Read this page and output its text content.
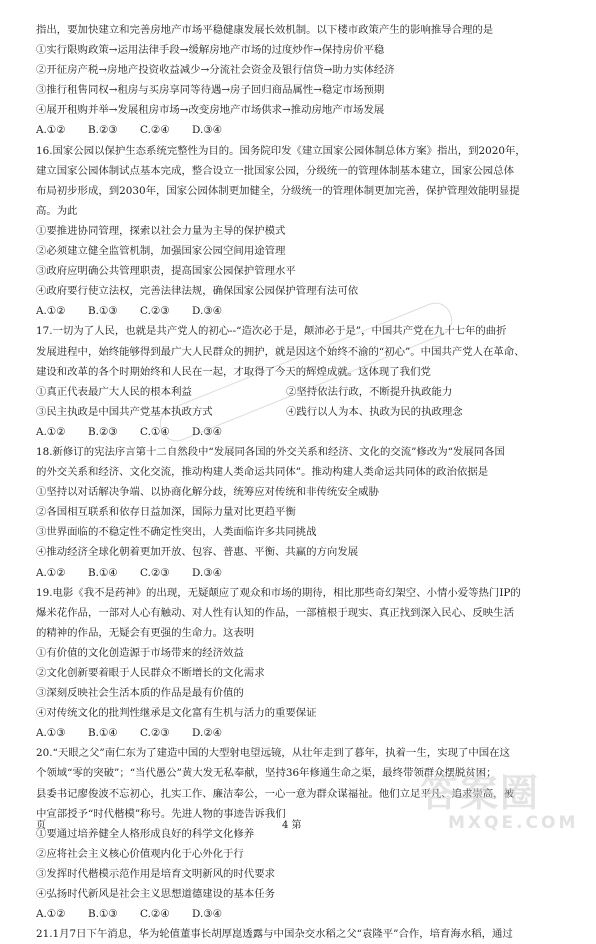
指出，要加快建立和完善房地产市场平稳健康发展长效机制。以下楼市政策产生的影响推导合理的是
①实行限购政策→运用法律手段→缓解房地产市场的过度炒作→保持房价平稳
②开征房产税→房地产投资收益减少→分流社会资金及银行信贷→助力实体经济
③推行租售同权→租房与买房享同等待遇→房子回归商品属性→稳定市场预期
④展开租购并举→发展租房市场→改变房地产市场供求→推动房地产市场发展
A.①②	B.②③	C.②④	D.③④
16.国家公园以保护生态系统完整性为目的。国务院印发《建立国家公园体制总体方案》指出，到2020年，
建立国家公园体制试点基本完成，整合设立一批国家公园，分级统一的管理体制基本建立，国家公园总体
布局初步形成，到2030年，国家公园体制更加健全，分级统一的管理体制更加完善，保护管理效能明显提
高。为此
①要推进协同管理，探索以社会力量为主导的保护模式
②必须建立健全监管机制，加强国家公园空间用途管理
③政府应明确公共管理职责，提高国家公园保护管理水平
④政府要行使立法权，完善法律法规，确保国家公园保护管理有法可依
A.①②	B.①③	C.②③	D.③④
17.一切为了人民，也就是共产党人的初心--“造次必于是，颠沛必于是”，中国共产党在九十七年的曲折
发展进程中，始终能够得到最广大人民群众的拥护，就是因这个始终不渝的“初心”。中国共产党人在革命、
建设和改革的各个时期始终和人民在一起，才取得了今天的辉煌成就。这体现了我们党
①真正代表最广大人民的根本利益	②坚持依法行政，不断提升执政能力
③民主执政是中国共产党基本执政方式	④践行以人为本、执政为民的执政理念
A.①②	B.②③	C.①④	D.③④
18.新修订的宪法序言第十二自然段中“发展同各国的外交关系和经济、文化的交流”修改为“发展同各国
的外交关系和经济、文化交流，推动构建人类命运共同体”。推动构建人类命运共同体的政治依据是
①坚持以对话解决争端、以协商化解分歧，统筹应对传统和非传统安全威胁
②各国相互联系和依存日益加深，国际力量对比更趋平衡
③世界面临的不稳定性不确定性突出，人类面临许多共同挑战
④推动经济全球化朝着更加开放、包容、普惠、平衡、共赢的方向发展
A.①②	B.①④	C.②③	D.③④
19.电影《我不是药神》的出现，无疑颠应了观众和市场的期待，相比那些奇幻架空、小情小爱等热门IP的
爆米花作品，一部对人心有触动、对人性有认知的作品，一部植根于现实、真正找到深入民心、反映生活
的精神的作品，无疑会有更强的生命力。这表明
①有价值的文化创造源于市场带来的经济效益
②文化创新要着眼于人民群众不断增长的文化需求
③深刻反映社会生活本质的作品是最有价值的
④对传统文化的批判性继承是文化富有生机与活力的重要保证
A.①③	B.①④	C.②③	D.②④
20.“天眼之父”南仁东为了建造中国的大型射电望远镜，从壮年走到了暮年，执着一生，实现了中国在这
个领域“零的突破”；“当代愚公”黄大发无私奉献，坚持36年修通生命之渠，最终带领群众摆脱贫困；
县委书记廖俊波不忘初心，扎实工作、廉洁奉公，一心一意为群众谋福祉。他们立足平凡、追求崇高，被
中宣部授予“时代楷模”称号。先进人物的事迹告诉我们
①要通过培养健全人格形成良好的科学文化修养
②应将社会主义核心价值观内化于心外化于行
③发挥时代楷模示范作用是培育文明新风的时代要求
④弘扬时代新风是社会主义思想道德建设的基本任务
A.①②	B.①③	C.②④	D.③④
21.1月7日下午消息，华为轮值董事长胡厚崑透露与中国杂交水稻之父“袁隆平”合作，培育海水稻，通过
页	4 第
答案圈
MXQE.COM
